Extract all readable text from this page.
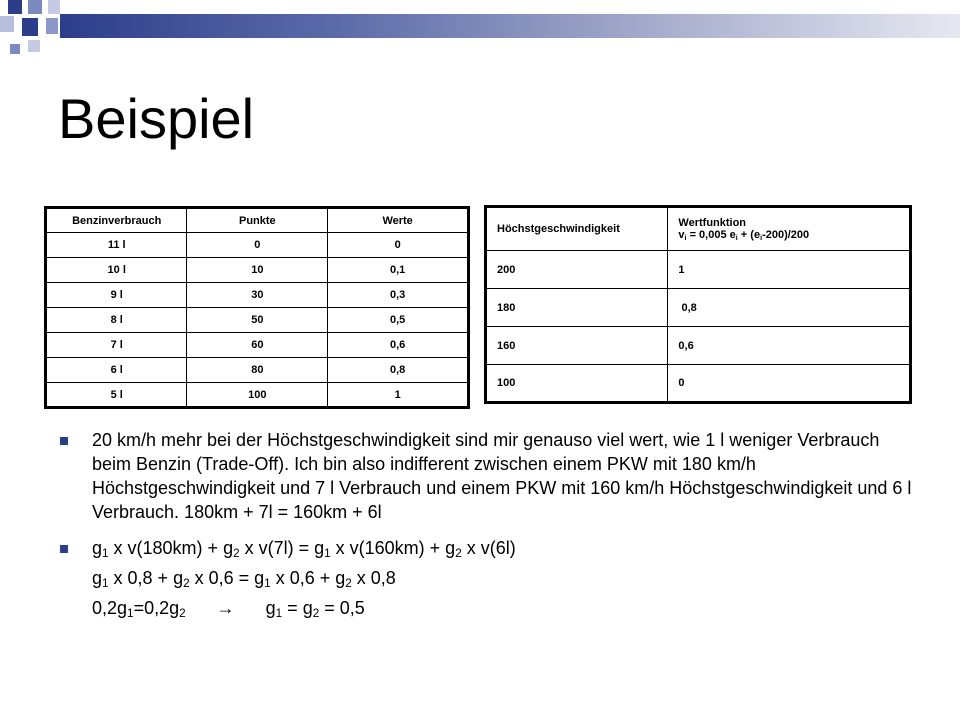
Beispiel
Benzinverbrauch	Punkte	Werte
11 l	0	0
10 l	10	0,1
9 l	30	0,3
8 l	50	0,5
7 l	60	0,6
6 l	80	0,8
5 l	100	1
Höchstgeschwindigkeit	Wertfunktion
$v_i = 0,005$ $e_i + (e_i-200)/200$

200	1
180	0,8
160	0,6
100	0
20 km/h mehr bei der Höchstgeschwindigkeit sind mir genauso viel wert, wie 1 l weniger Verbrauch beim Benzin (Trade-Off). Ich bin also indifferent zwischen einem PKW mit 180 km/h Höchstgeschwindigkeit und 7 l Verbrauch und einem PKW mit 160 km/h Höchstgeschwindigkeit und 6 l Verbrauch. 180km + 7l = 160km + 6l
$g_1$ x $v(180km) + g_2$ x $v(7l) = g_1$ x $v(160km) + g_2$ x v(6l)
$g_1$ x $0,8 + g_2$ x $0,6 = g_1$ x $0,6 + g_2$ x 0,8
$0,2g_1=0,2g_2 \to g_1 = g_2 = 0,5$
